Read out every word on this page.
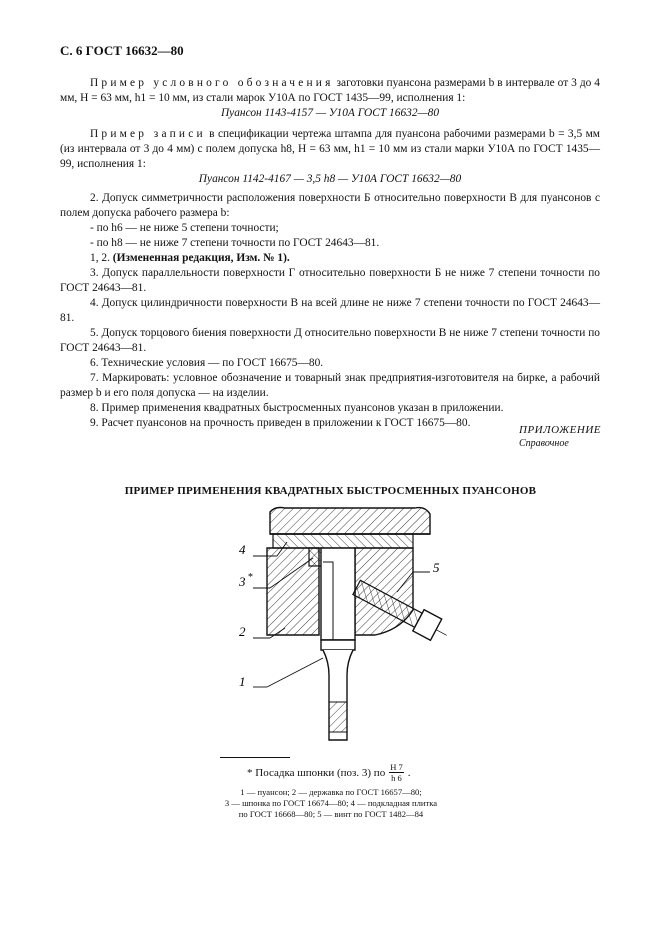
С. 6 ГОСТ 16632—80

Пример условного обозначения заготовки пуансона размерами b в интервале от 3 до 4 мм, H = 63 мм, h1 = 10 мм, из стали марок У10А по ГОСТ 1435—99, исполнения 1:

Пуансон 1143-4157 — У10А ГОСТ 16632—80

Пример записи в спецификации чертежа штампа для пуансона рабочими размерами b = 3,5 мм (из интервала от 3 до 4 мм) с полем допуска h8, H = 63 мм, h1 = 10 мм из стали марки У10А по ГОСТ 1435—99, исполнения 1:

Пуансон 1142-4167 — 3,5 h8 — У10А ГОСТ 16632—80

2. Допуск симметричности расположения поверхности Б относительно поверхности В для пуансонов с полем допуска рабочего размера b:

- по h6 — не ниже 5 степени точности;

- по h8 — не ниже 7 степени точности по ГОСТ 24643—81.

1, 2. (Измененная редакция, Изм. № 1).

3. Допуск параллельности поверхности Г относительно поверхности Б не ниже 7 степени точности по ГОСТ 24643—81.

4. Допуск цилиндричности поверхности В на всей длине не ниже 7 степени точности по ГОСТ 24643—81.

5. Допуск торцового биения поверхности Д относительно поверхности В не ниже 7 степени точности по ГОСТ 24643—81.

6. Технические условия — по ГОСТ 16675—80.

7. Маркировать: условное обозначение и товарный знак предприятия-изготовителя на бирке, а рабочий размер b и его поля допуска — на изделии.

8. Пример применения квадратных быстросменных пуансонов указан в приложении.

9. Расчет пуансонов на прочность приведен в приложении к ГОСТ 16675—80.

ПРИЛОЖЕНИЕ
Справочное
ПРИМЕР ПРИМЕНЕНИЯ КВАДРАТНЫХ БЫСТРОСМЕННЫХ ПУАНСОНОВ
4
3 *
2
1
5
* Посадка шпонки (поз. 3) по $\frac{H 7}{h 6}$ .
1 — пуансон; 2 — державка по ГОСТ 16657—80;
3 — шпонка по ГОСТ 16674—80; 4 — подкладная плитка
по ГОСТ 16668—80; 5 — винт по ГОСТ 1482—84
